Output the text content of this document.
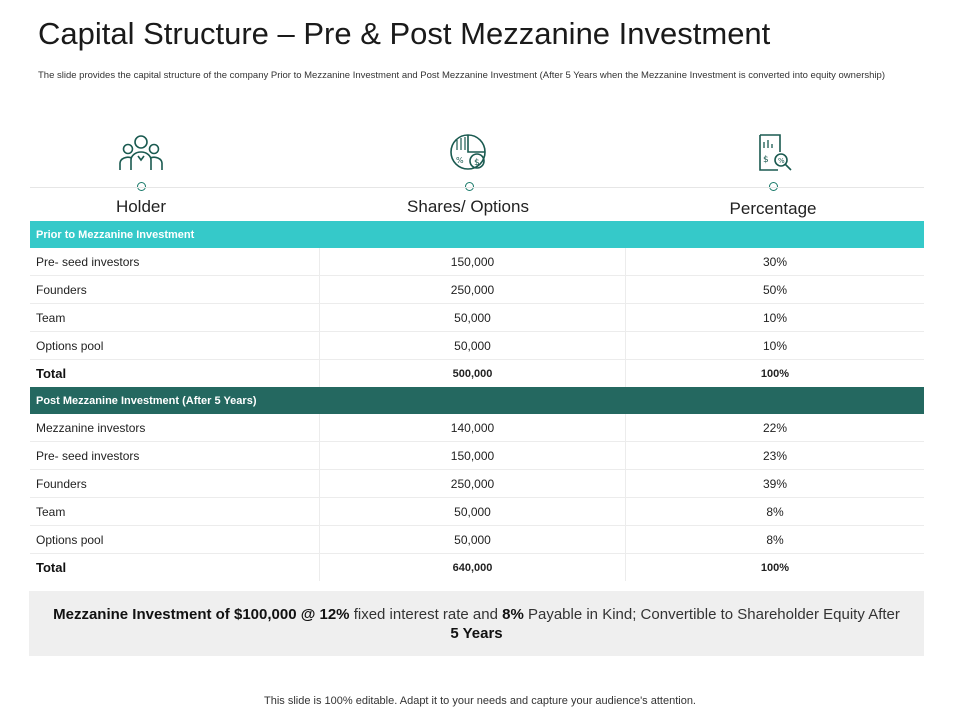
Capital Structure – Pre & Post Mezzanine Investment

The slide provides the capital structure of the company Prior to Mezzanine Investment and Post Mezzanine Investment (After 5 Years when the Mezzanine Investment is converted into equity ownership)

$
%	$ %
Holder	Shares/ Options	Percentage
Prior to Mezzanine Investment		
Pre- seed investors	150,000	30%
Founders	250,000	50%
Team	50,000	10%
Options pool	50,000	10%
Total	500,000	100%
Post Mezzanine Investment (After 5 Years)		
Mezzanine investors	140,000	22%
Pre- seed investors	150,000	23%
Founders	250,000	39%
Team	50,000	8%
Options pool	50,000	8%
Total	640,000	100%
Mezzanine Investment of $100,000 @ 12% fixed interest rate and 8% Payable in Kind; Convertible to Shareholder Equity After 5 Years
This slide is 100% editable. Adapt it to your needs and capture your audience's attention.
